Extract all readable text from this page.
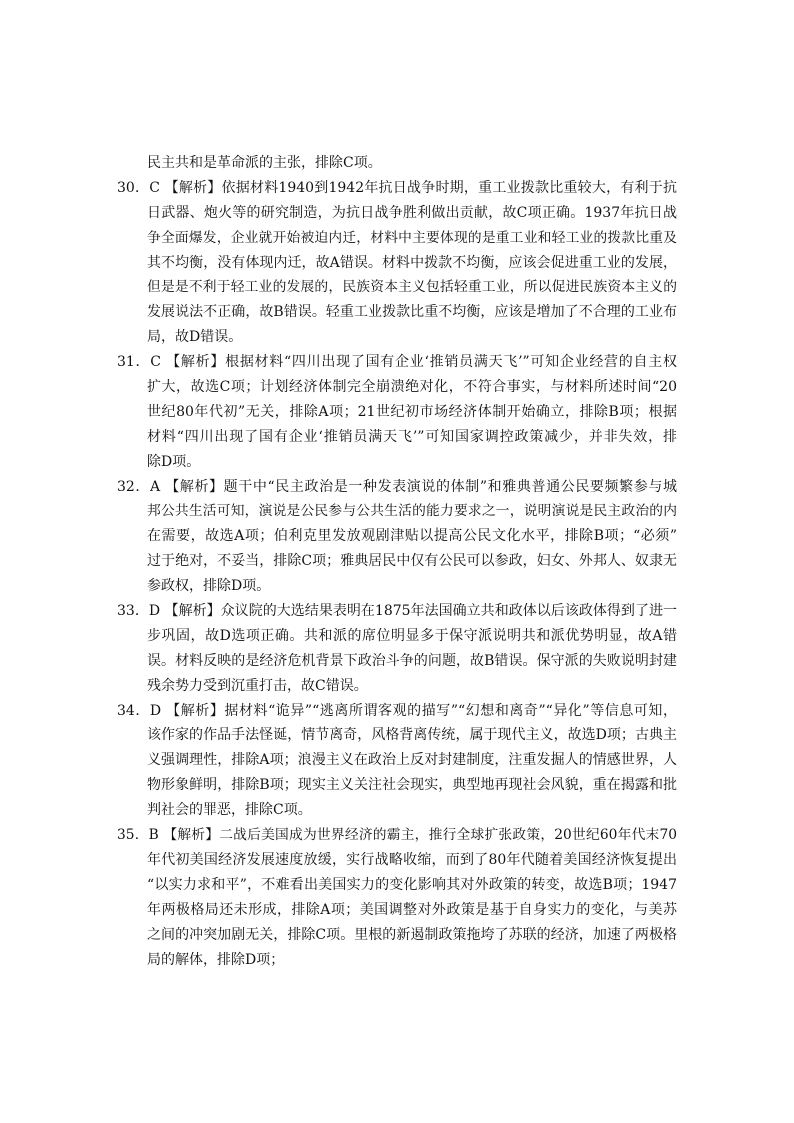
民主共和是革命派的主张，排除C项。
30．C 【解析】依据材料1940到1942年抗日战争时期，重工业拨款比重较大，有利于抗
日武器、炮火等的研究制造，为抗日战争胜利做出贡献，故C项正确。1937年抗日战
争全面爆发，企业就开始被迫内迁，材料中主要体现的是重工业和轻工业的拨款比重及
其不均衡，没有体现内迁，故A错误。材料中拨款不均衡，应该会促进重工业的发展，
但是是不利于轻工业的发展的，民族资本主义包括轻重工业，所以促进民族资本主义的
发展说法不正确，故B错误。轻重工业拨款比重不均衡，应该是增加了不合理的工业布
局，故D错误。
31．C 【解析】根据材料“四川出现了国有企业‘推销员满天飞’”可知企业经营的自主权
扩大，故选C项；计划经济体制完全崩溃绝对化，不符合事实，与材料所述时间“20
世纪80年代初”无关，排除A项；21世纪初市场经济体制开始确立，排除B项；根据
材料“四川出现了国有企业‘推销员满天飞’”可知国家调控政策减少，并非失效，排
除D项。
32．A 【解析】题干中“民主政治是一种发表演说的体制”和雅典普通公民要频繁参与城
邦公共生活可知，演说是公民参与公共生活的能力要求之一，说明演说是民主政治的内
在需要，故选A项；伯利克里发放观剧津贴以提高公民文化水平，排除B项；“必须”
过于绝对，不妥当，排除C项；雅典居民中仅有公民可以参政，妇女、外邦人、奴隶无
参政权，排除D项。
33．D 【解析】众议院的大选结果表明在1875年法国确立共和政体以后该政体得到了进一
步巩固，故D选项正确。共和派的席位明显多于保守派说明共和派优势明显，故A错
误。材料反映的是经济危机背景下政治斗争的问题，故B错误。保守派的失败说明封建
残余势力受到沉重打击，故C错误。
34．D 【解析】据材料“诡异”“逃离所谓客观的描写”“幻想和离奇”“异化”等信息可知，
该作家的作品手法怪诞，情节离奇，风格背离传统，属于现代主义，故选D项；古典主
义强调理性，排除A项；浪漫主义在政治上反对封建制度，注重发掘人的情感世界，人
物形象鲜明，排除B项；现实主义关注社会现实，典型地再现社会风貌，重在揭露和批
判社会的罪恶，排除C项。
35．B 【解析】二战后美国成为世界经济的霸主，推行全球扩张政策，20世纪60年代末70
年代初美国经济发展速度放缓，实行战略收缩，而到了80年代随着美国经济恢复提出
“以实力求和平”，不难看出美国实力的变化影响其对外政策的转变，故选B项；1947
年两极格局还未形成，排除A项；美国调整对外政策是基于自身实力的变化，与美苏
之间的冲突加剧无关，排除C项。里根的新遏制政策拖垮了苏联的经济，加速了两极格
局的解体，排除D项；
